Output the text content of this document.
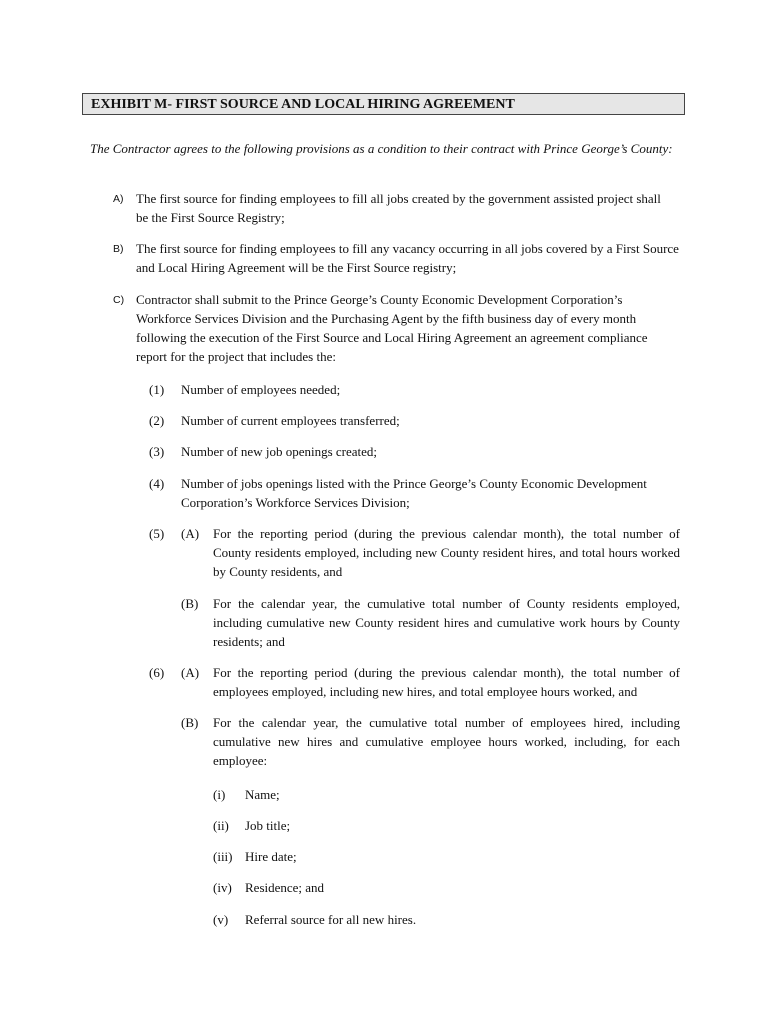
EXHIBIT M- FIRST SOURCE AND LOCAL HIRING AGREEMENT
The Contractor agrees to the following provisions as a condition to their contract with Prince George’s County:
A) The first source for finding employees to fill all jobs created by the government assisted project shall be the First Source Registry;
B) The first source for finding employees to fill any vacancy occurring in all jobs covered by a First Source and Local Hiring Agreement will be the First Source registry;
C) Contractor shall submit to the Prince George’s County Economic Development Corporation’s Workforce Services Division and the Purchasing Agent by the fifth business day of every month following the execution of the First Source and Local Hiring Agreement an agreement compliance report for the project that includes the:
(1) Number of employees needed;
(2) Number of current employees transferred;
(3) Number of new job openings created;
(4) Number of jobs openings listed with the Prince George’s County Economic Development Corporation’s Workforce Services Division;
(5) (A) For the reporting period (during the previous calendar month), the total number of County residents employed, including new County resident hires, and total hours worked by County residents, and
(B) For the calendar year, the cumulative total number of County residents employed, including cumulative new County resident hires and cumulative work hours by County residents; and
(6) (A) For the reporting period (during the previous calendar month), the total number of employees employed, including new hires, and total employee hours worked, and
(B) For the calendar year, the cumulative total number of employees hired, including cumulative new hires and cumulative employee hours worked, including, for each employee:
(i) Name;
(ii) Job title;
(iii) Hire date;
(iv) Residence; and
(v) Referral source for all new hires.
